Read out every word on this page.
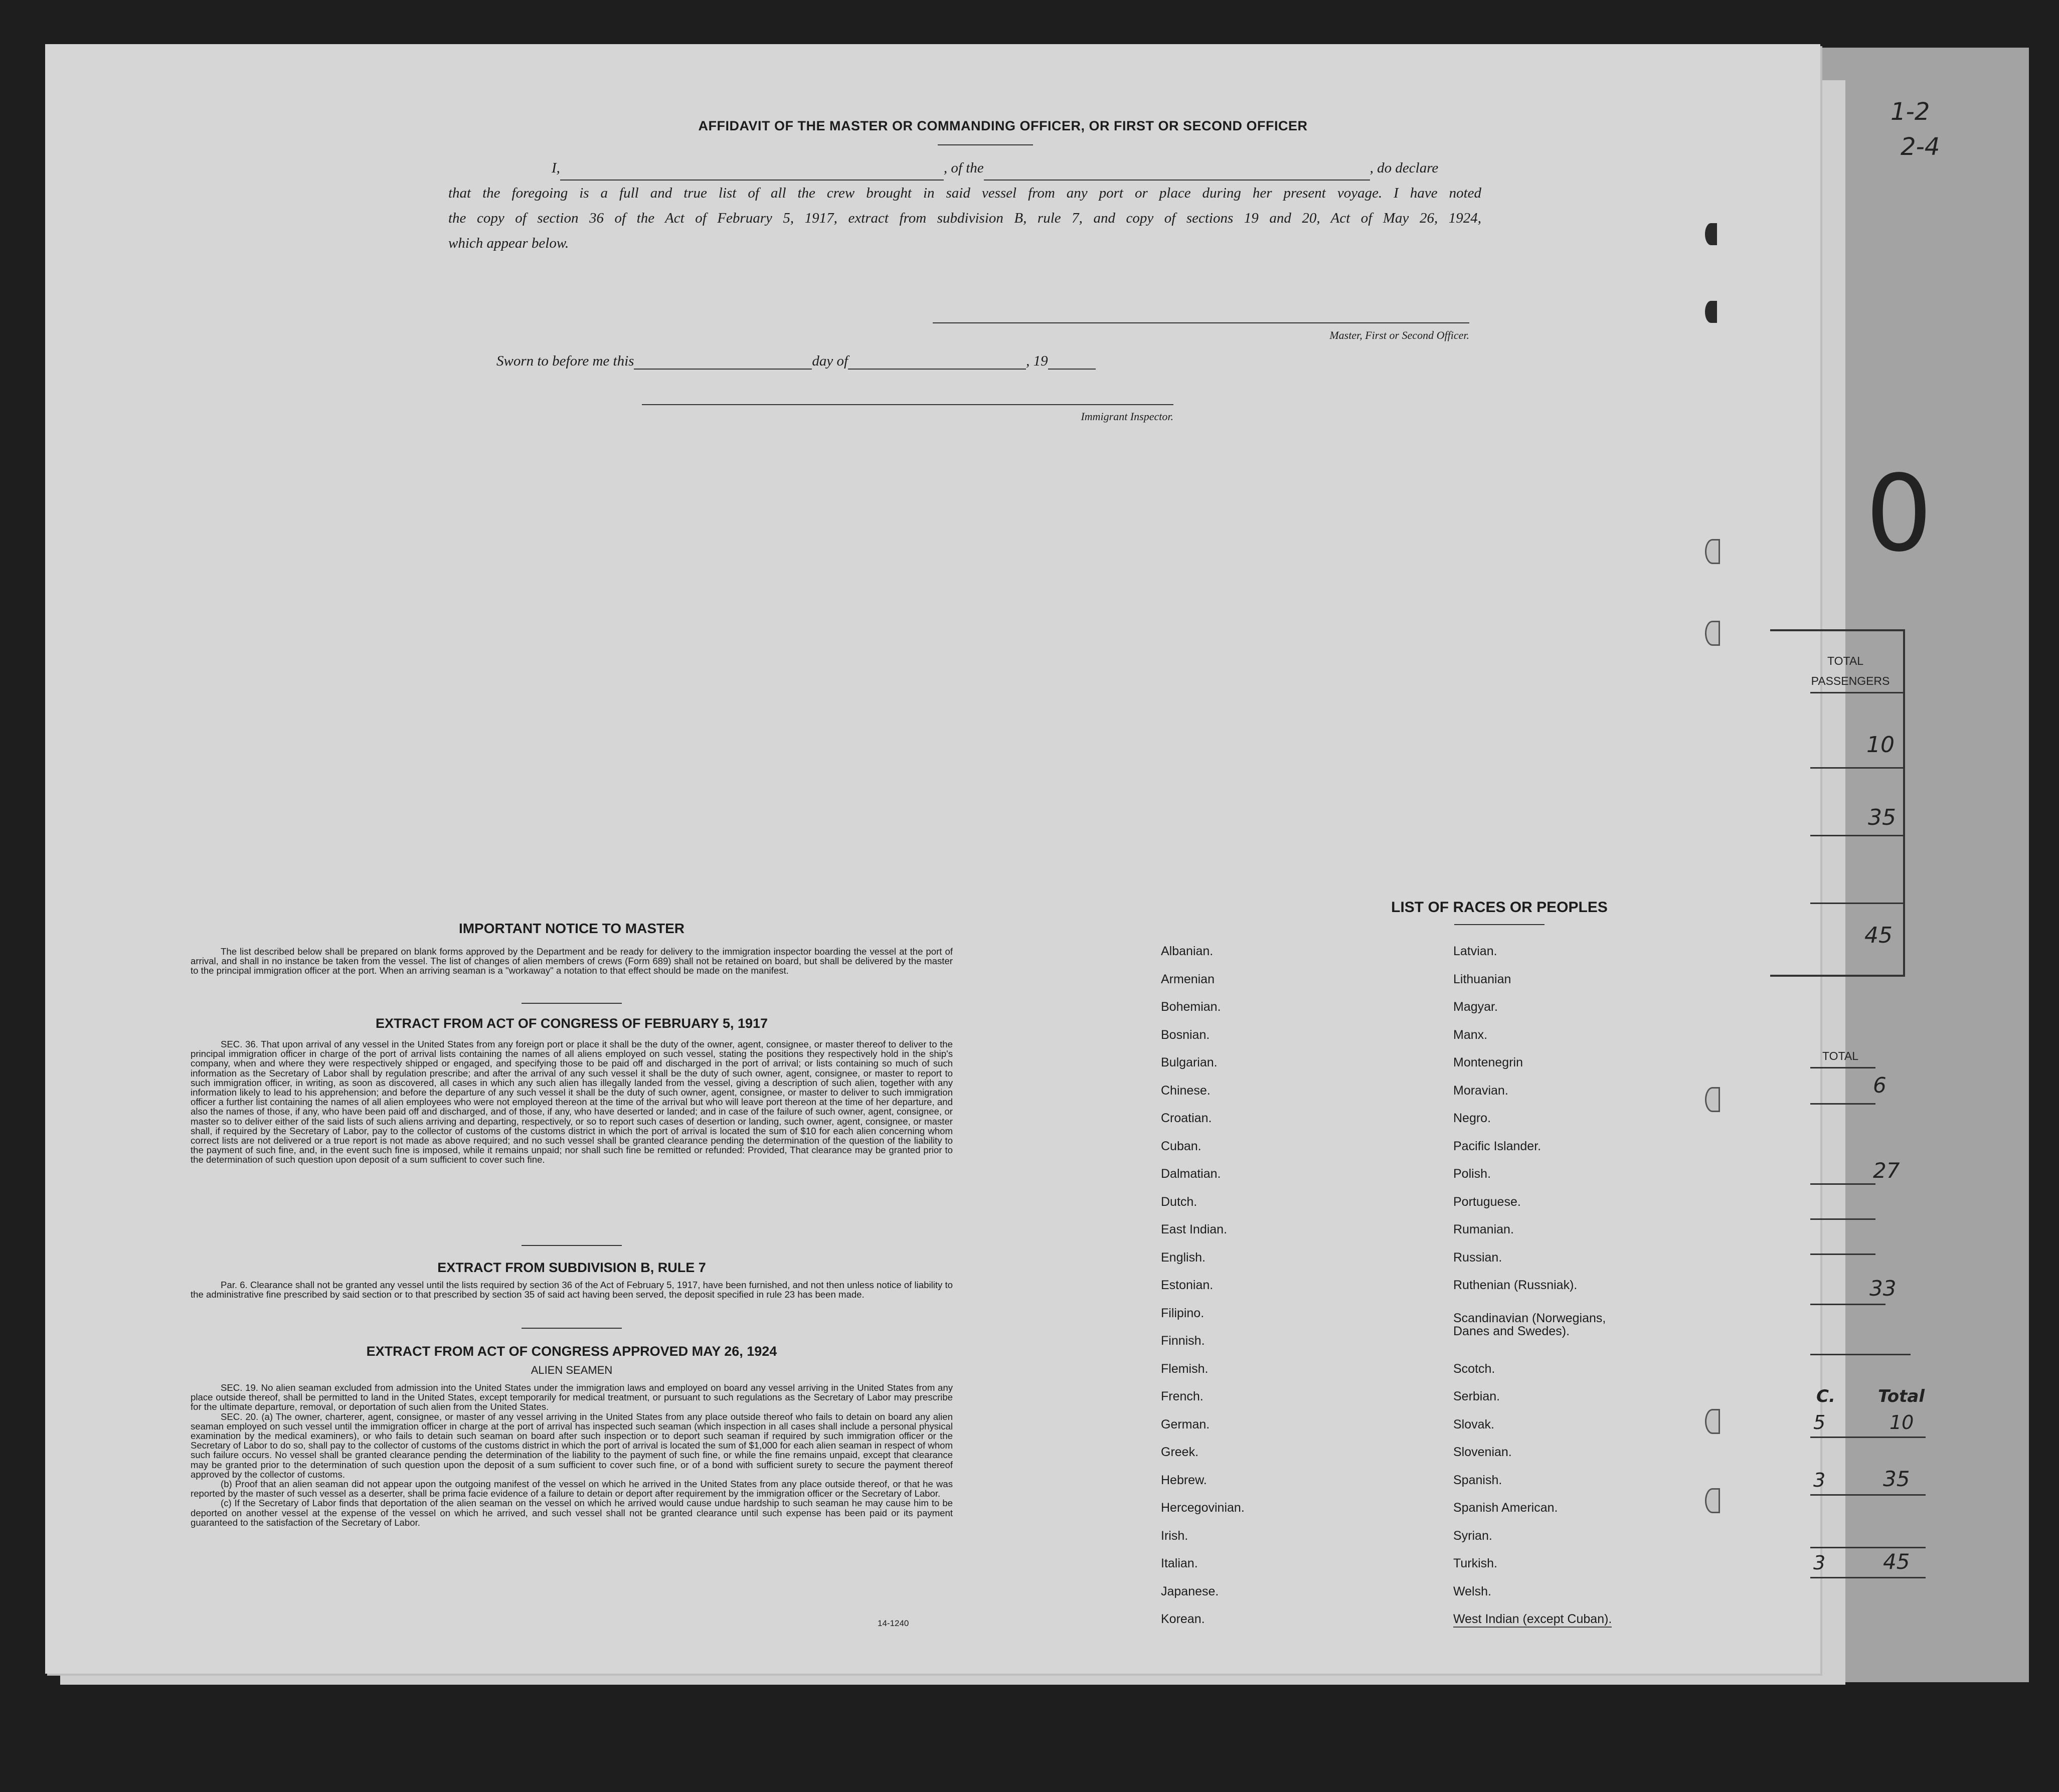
AFFIDAVIT OF THE MASTER OR COMMANDING OFFICER, OR FIRST OR SECOND OFFICER
I,	, of the	, do declare
that the foregoing is a full and true list of all the crew brought in said vessel from any port or place during her present voyage. I have noted
the copy of section 36 of the Act of February 5, 1917, extract from subdivision B, rule 7, and copy of sections 19 and 20, Act of May 26, 1924,
which appear below.
Master, First or Second Officer.
Sworn to before me this	day of	, 19
Immigrant Inspector.
IMPORTANT NOTICE TO MASTER

The list described below shall be prepared on blank forms approved by the Department and be ready for delivery to the immigration inspector boarding the vessel at the port of arrival, and shall in no instance be taken from the vessel. The list of changes of alien members of crews (Form 689) shall not be retained on board, but shall be delivered by the master to the principal immigration officer at the port. When an arriving seaman is a "workaway" a notation to that effect should be made on the manifest.

EXTRACT FROM ACT OF CONGRESS OF FEBRUARY 5, 1917

SEC. 36. That upon arrival of any vessel in the United States from any foreign port or place it shall be the duty of the owner, agent, consignee, or master thereof to deliver to the principal immigration officer in charge of the port of arrival lists containing the names of all aliens employed on such vessel, stating the positions they respectively hold in the ship's company, when and where they were respectively shipped or engaged, and specifying those to be paid off and discharged in the port of arrival; or lists containing so much of such information as the Secretary of Labor shall by regulation prescribe; and after the arrival of any such vessel it shall be the duty of such owner, agent, consignee, or master to report to such immigration officer, in writing, as soon as discovered, all cases in which any such alien has illegally landed from the vessel, giving a description of such alien, together with any information likely to lead to his apprehension; and before the departure of any such vessel it shall be the duty of such owner, agent, consignee, or master to deliver to such immigration officer a further list containing the names of all alien employees who were not employed thereon at the time of the arrival but who will leave port thereon at the time of her departure, and also the names of those, if any, who have been paid off and discharged, and of those, if any, who have deserted or landed; and in case of the failure of such owner, agent, consignee, or master so to deliver either of the said lists of such aliens arriving and departing, respectively, or so to report such cases of desertion or landing, such owner, agent, consignee, or master shall, if required by the Secretary of Labor, pay to the collector of customs of the customs district in which the port of arrival is located the sum of $10 for each alien concerning whom correct lists are not delivered or a true report is not made as above required; and no such vessel shall be granted clearance pending the determination of the question of the liability to the payment of such fine, and, in the event such fine is imposed, while it remains unpaid; nor shall such fine be remitted or refunded: Provided, That clearance may be granted prior to the determination of such question upon deposit of a sum sufficient to cover such fine.

EXTRACT FROM SUBDIVISION B, RULE 7

Par. 6. Clearance shall not be granted any vessel until the lists required by section 36 of the Act of February 5, 1917, have been furnished, and not then unless notice of liability to the administrative fine prescribed by said section or to that prescribed by section 35 of said act having been served, the deposit specified in rule 23 has been made.

EXTRACT FROM ACT OF CONGRESS APPROVED MAY 26, 1924
ALIEN SEAMEN

SEC. 19. No alien seaman excluded from admission into the United States under the immigration laws and employed on board any vessel arriving in the United States from any place outside thereof, shall be permitted to land in the United States, except temporarily for medical treatment, or pursuant to such regulations as the Secretary of Labor may prescribe for the ultimate departure, removal, or deportation of such alien from the United States.

SEC. 20. (a) The owner, charterer, agent, consignee, or master of any vessel arriving in the United States from any place outside thereof who fails to detain on board any alien seaman employed on such vessel until the immigration officer in charge at the port of arrival has inspected such seaman (which inspection in all cases shall include a personal physical examination by the medical examiners), or who fails to detain such seaman on board after such inspection or to deport such seaman if required by such immigration officer or the Secretary of Labor to do so, shall pay to the collector of customs of the customs district in which the port of arrival is located the sum of $1,000 for each alien seaman in respect of whom such failure occurs. No vessel shall be granted clearance pending the determination of the liability to the payment of such fine, or while the fine remains unpaid, except that clearance may be granted prior to the determination of such question upon the deposit of a sum sufficient to cover such fine, or of a bond with sufficient surety to secure the payment thereof approved by the collector of customs.

(b) Proof that an alien seaman did not appear upon the outgoing manifest of the vessel on which he arrived in the United States from any place outside thereof, or that he was reported by the master of such vessel as a deserter, shall be prima facie evidence of a failure to detain or deport after requirement by the immigration officer or the Secretary of Labor.

(c) If the Secretary of Labor finds that deportation of the alien seaman on the vessel on which he arrived would cause undue hardship to such seaman he may cause him to be deported on another vessel at the expense of the vessel on which he arrived, and such vessel shall not be granted clearance until such expense has been paid or its payment guaranteed to the satisfaction of the Secretary of Labor.

14-1240
LIST OF RACES OR PEOPLES
Albanian.
Armenian
Bohemian.
Bosnian.
Bulgarian.
Chinese.
Croatian.
Cuban.
Dalmatian.
Dutch.
East Indian.
English.
Estonian.
Filipino.
Finnish.
Flemish.
French.
German.
Greek.
Hebrew.
Hercegovinian.
Irish.
Italian.
Japanese.
Korean.
Latvian.
Lithuanian
Magyar.
Manx.
Montenegrin
Moravian.
Negro.
Pacific Islander.
Polish.
Portuguese.
Rumanian.
Russian.
Ruthenian (Russniak).
Scandinavian (Norwegians, Danes and Swedes).
Scotch.
Serbian.
Slovak.
Slovenian.
Spanish.
Spanish American.
Syrian.
Turkish.
Welsh.
West Indian (except Cuban).
1-2
2-4
0
TOTAL
PASSENGERS
10
35
45
TOTAL
6
27
33
C.	Total
5	10
3	35
3	45
